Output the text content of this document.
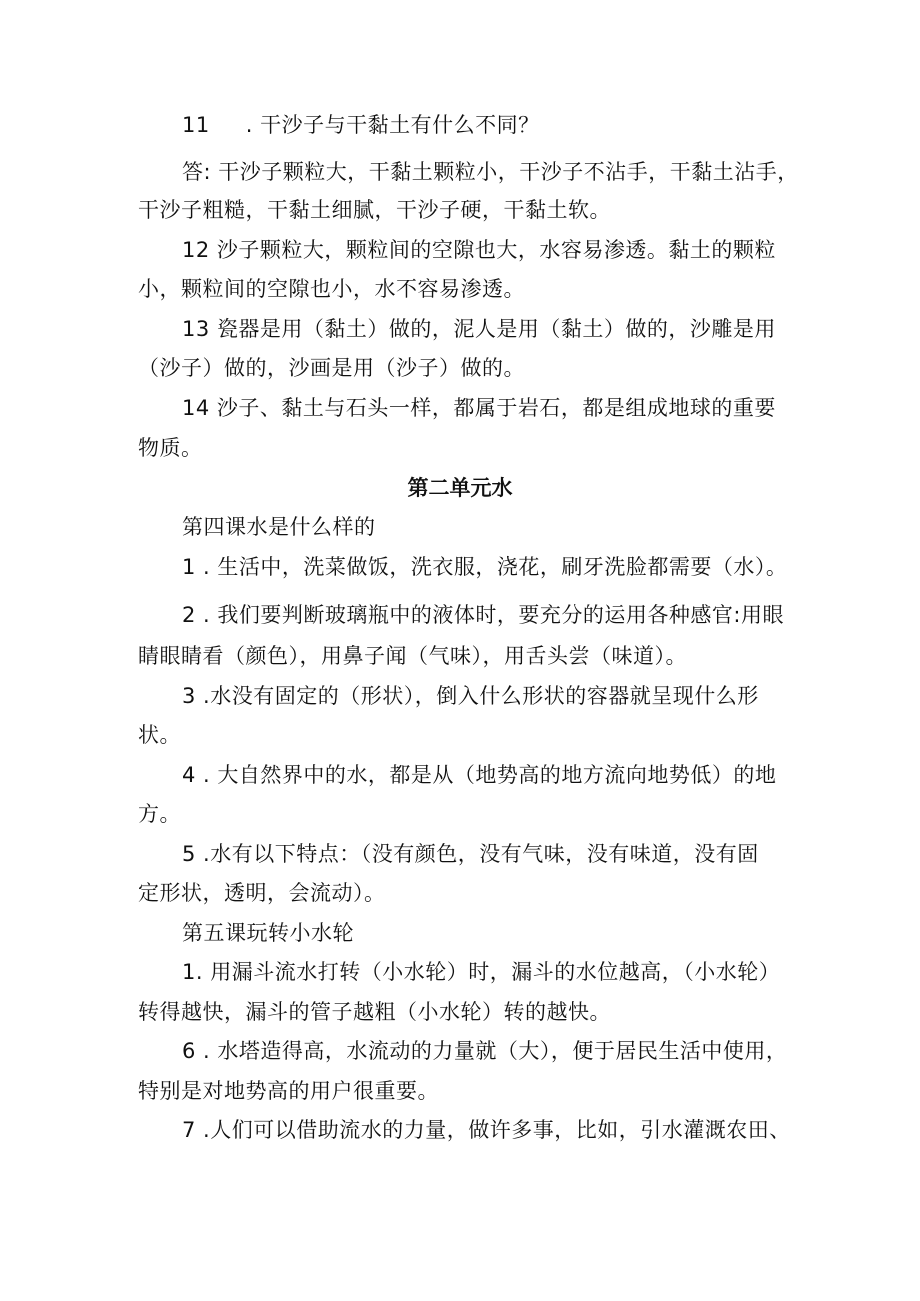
11 . 干沙子与干黏土有什么不同？
答: 干沙子颗粒大，干黏土颗粒小，干沙子不沾手，干黏土沾手，
干沙子粗糙，干黏土细腻，干沙子硬，干黏土软。
12 沙子颗粒大，颗粒间的空隙也大，水容易渗透。黏土的颗粒
小，颗粒间的空隙也小，水不容易渗透。
13 瓷器是用（黏土）做的，泥人是用（黏土）做的，沙雕是用
（沙子）做的，沙画是用（沙子）做的。
14 沙子、黏土与石头一样，都属于岩石，都是组成地球的重要
物质。
第二单元水
第四课水是什么样的
1 . 生活中，洗菜做饭，洗衣服，浇花，刷牙洗脸都需要（水）。
2 . 我们要判断玻璃瓶中的液体时，要充分的运用各种感官:用眼
睛眼睛看（颜色），用鼻子闻（气味），用舌头尝（味道）。
3 .水没有固定的（形状），倒入什么形状的容器就呈现什么形
状。
4 . 大自然界中的水，都是从（地势高的地方流向地势低）的地
方。
5 .水有以下特点：（没有颜色，没有气味，没有味道，没有固
定形状，透明，会流动）。
第五课玩转小水轮
1. 用漏斗流水打转（小水轮）时，漏斗的水位越高，（小水轮）
转得越快，漏斗的管子越粗（小水轮）转的越快。
6 . 水塔造得高，水流动的力量就（大），便于居民生活中使用，
特别是对地势高的用户很重要。
7 .人们可以借助流水的力量，做许多事，比如，引水灌溉农田、
